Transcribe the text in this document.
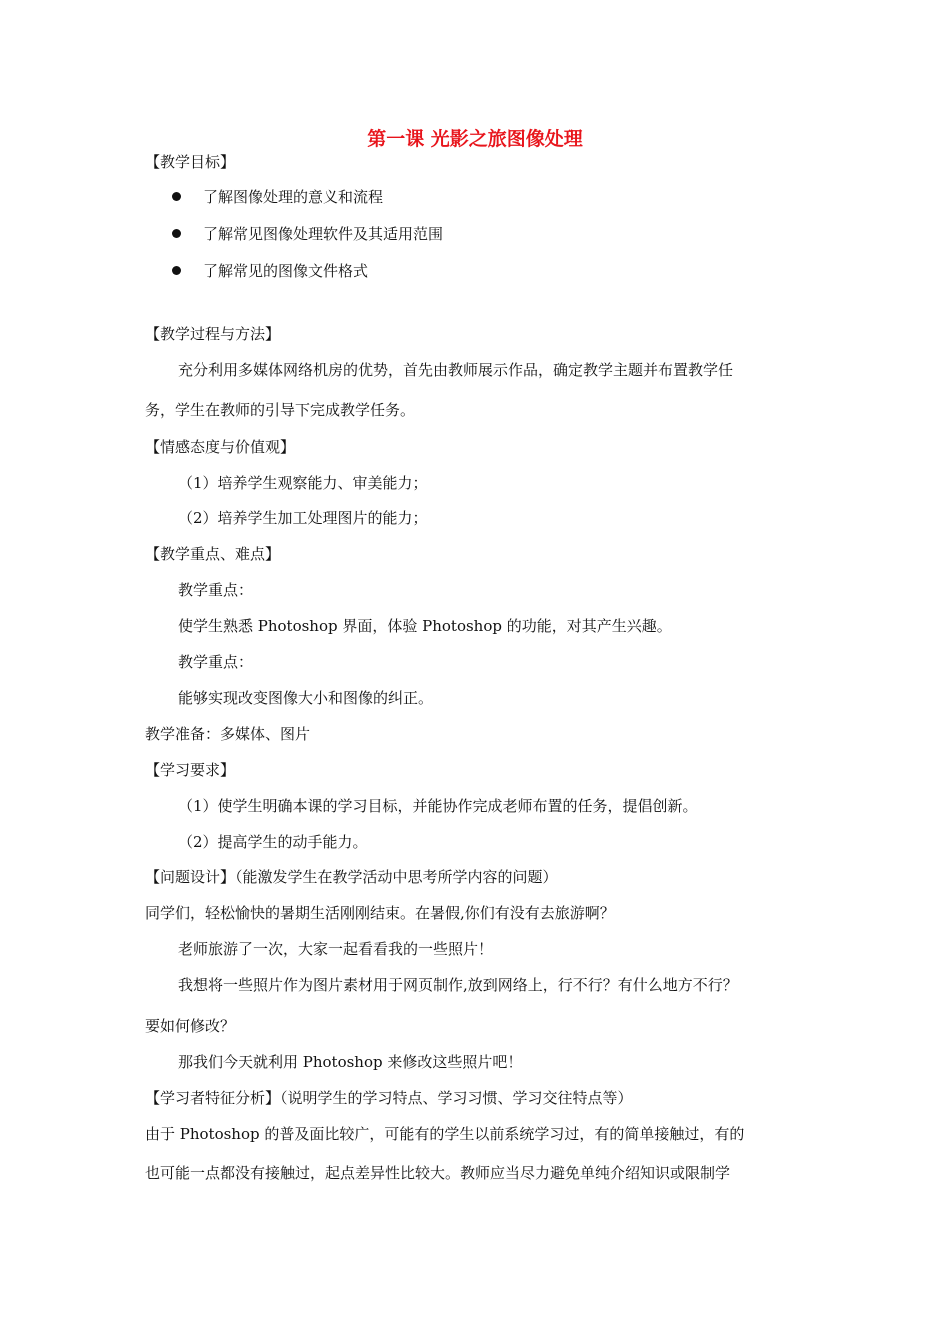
第一课 光影之旅图像处理
【教学目标】
了解图像处理的意义和流程
了解常见图像处理软件及其适用范围
了解常见的图像文件格式
【教学过程与方法】
充分利用多媒体网络机房的优势，首先由教师展示作品，确定教学主题并布置教学任
务，学生在教师的引导下完成教学任务。
【情感态度与价值观】
（1）培养学生观察能力、审美能力；
（2）培养学生加工处理图片的能力；
【教学重点、难点】
教学重点：
使学生熟悉 Photoshop 界面，体验 Photoshop 的功能，对其产生兴趣。
教学重点：
能够实现改变图像大小和图像的纠正。
教学准备：多媒体、图片
【学习要求】
（1）使学生明确本课的学习目标，并能协作完成老师布置的任务，提倡创新。
（2）提高学生的动手能力。
【问题设计】（能激发学生在教学活动中思考所学内容的问题）
同学们，轻松愉快的暑期生活刚刚结束。在暑假,你们有没有去旅游啊？
老师旅游了一次，大家一起看看我的一些照片！
我想将一些照片作为图片素材用于网页制作,放到网络上，行不行？有什么地方不行？
要如何修改？
那我们今天就利用 Photoshop 来修改这些照片吧！
【学习者特征分析】（说明学生的学习特点、学习习惯、学习交往特点等）
由于 Photoshop 的普及面比较广，可能有的学生以前系统学习过，有的简单接触过，有的
也可能一点都没有接触过，起点差异性比较大。教师应当尽力避免单纯介绍知识或限制学
